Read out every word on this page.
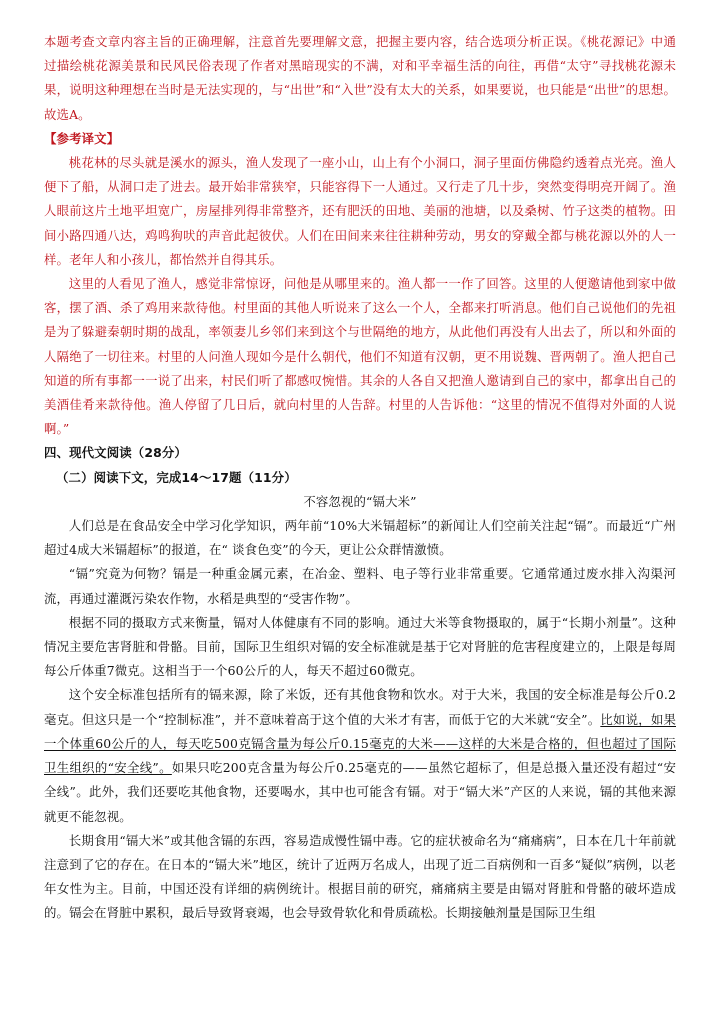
本题考查文章内容主旨的正确理解，注意首先要理解文意，把握主要内容，结合选项分析正误。《桃花源记》中通过描绘桃花源美景和民风民俗表现了作者对黑暗现实的不满，对和平幸福生活的向往，再借“太守”寻找桃花源未果，说明这种理想在当时是无法实现的，与“出世”和“入世”没有太大的关系，如果要说，也只能是“出世”的思想。故选A。

【参考译文】

桃花林的尽头就是溪水的源头，渔人发现了一座小山，山上有个小洞口，洞子里面仿佛隐约透着点光亮。渔人便下了船，从洞口走了进去。最开始非常狭窄，只能容得下一人通过。又行走了几十步，突然变得明亮开阔了。渔人眼前这片土地平坦宽广，房屋排列得非常整齐，还有肥沃的田地、美丽的池塘，以及桑树、竹子这类的植物。田间小路四通八达，鸡鸣狗吠的声音此起彼伏。人们在田间来来往往耕种劳动，男女的穿戴全都与桃花源以外的人一样。老年人和小孩儿，都怡然并自得其乐。

这里的人看见了渔人，感觉非常惊讶，问他是从哪里来的。渔人都一一作了回答。这里的人便邀请他到家中做客，摆了酒、杀了鸡用来款待他。村里面的其他人听说来了这么一个人，全都来打听消息。他们自己说他们的先祖是为了躲避秦朝时期的战乱，率领妻儿乡邻们来到这个与世隔绝的地方，从此他们再没有人出去了，所以和外面的人隔绝了一切往来。村里的人问渔人现如今是什么朝代，他们不知道有汉朝，更不用说魏、晋两朝了。渔人把自己知道的所有事都一一说了出来，村民们听了都感叹惋惜。其余的人各自又把渔人邀请到自己的家中，都拿出自己的美酒佳肴来款待他。渔人停留了几日后，就向村里的人告辞。村里的人告诉他：“这里的情况不值得对外面的人说啊。”

四、现代文阅读（28分）

（二）阅读下文，完成14～17题（11分）

不容忽视的“镉大米”

人们总是在食品安全中学习化学知识，两年前“10%大米镉超标”的新闻让人们空前关注起“镉”。而最近“广州超过4成大米镉超标”的报道，在“ 谈食色变”的今天，更让公众群情激愤。

“镉”究竟为何物？镉是一种重金属元素，在冶金、塑料、电子等行业非常重要。它通常通过废水排入沟渠河流，再通过灌溉污染农作物，水稻是典型的“受害作物”。

根据不同的摄取方式来衡量，镉对人体健康有不同的影响。通过大米等食物摄取的，属于“长期小剂量”。这种情况主要危害肾脏和骨骼。目前，国际卫生组织对镉的安全标准就是基于它对肾脏的危害程度建立的，上限是每周每公斤体重7微克。这相当于一个60公斤的人，每天不超过60微克。

这个安全标准包括所有的镉来源，除了米饭，还有其他食物和饮水。对于大米，我国的安全标准是每公斤0.2毫克。但这只是一个“控制标准”，并不意味着高于这个值的大米才有害，而低于它的大米就“安全”。比如说，如果一个体重60公斤的人，每天吃500克镉含量为每公斤0.15毫克的大米——这样的大米是合格的，但也超过了国际卫生组织的“安全线”。如果只吃200克含量为每公斤0.25毫克的——虽然它超标了，但是总摄入量还没有超过“安全线”。此外，我们还要吃其他食物，还要喝水，其中也可能含有镉。对于“镉大米”产区的人来说，镉的其他来源就更不能忽视。

长期食用“镉大米”或其他含镉的东西，容易造成慢性镉中毒。它的症状被命名为“痛痛病”，日本在几十年前就注意到了它的存在。在日本的“镉大米”地区，统计了近两万名成人，出现了近二百病例和一百多“疑似”病例，以老年女性为主。目前，中国还没有详细的病例统计。根据目前的研究，痛痛病主要是由镉对肾脏和骨骼的破坏造成的。镉会在肾脏中累积，最后导致肾衰竭，也会导致骨软化和骨质疏松。长期接触剂量是国际卫生组
